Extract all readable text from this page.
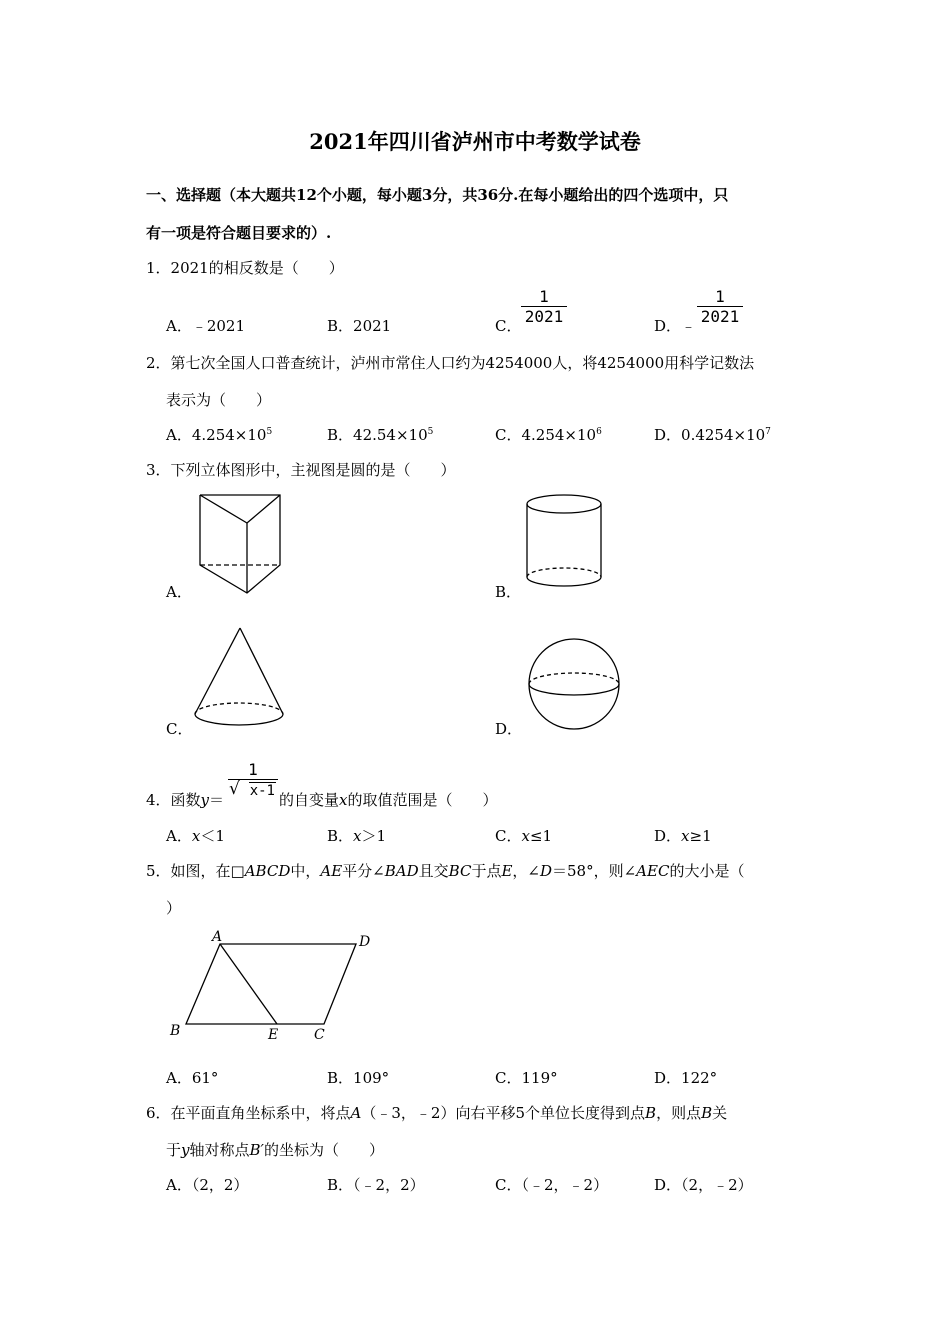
2021年四川省泸州市中考数学试卷
一、选择题（本大题共12个小题，每小题3分，共36分.在每小题给出的四个选项中，只
有一项是符合题目要求的）.
1．2021的相反数是（　　）
A．﹣2021	B．2021	C． $\frac{1}{2021}$	D．﹣ $\frac{1}{2021}$
2．第七次全国人口普查统计，泸州市常住人口约为4254000人，将4254000用科学记数法
表示为（　　）
A．$4.254\times 10^5$	B．$42.54\times 10^5$	C．$4.254\times 10^6$	D．$0.4254\times 10^7$
3．下列立体图形中，主视图是圆的是（　　）
A．	B．
C．	D．
4．函数y＝
$\frac{1}{√ x-1}$
的自变量x的取值范围是（　　）
A．x＜1	B．x＞1	C．x≤1	D．x≥1
5．如图，在□ABCD中，AE平分∠BAD且交BC于点E，∠D＝58°，则∠AEC的大小是（
）
A	D
B	E	C
A．61°	B．109°	C．119°	D．122°
6．在平面直角坐标系中，将点A（﹣3，﹣2）向右平移5个单位长度得到点B，则点B关
于y轴对称点B′的坐标为（　　）
A．（2，2）	B．（﹣2，2）	C．（﹣2，﹣2）	D．（2，﹣2）
